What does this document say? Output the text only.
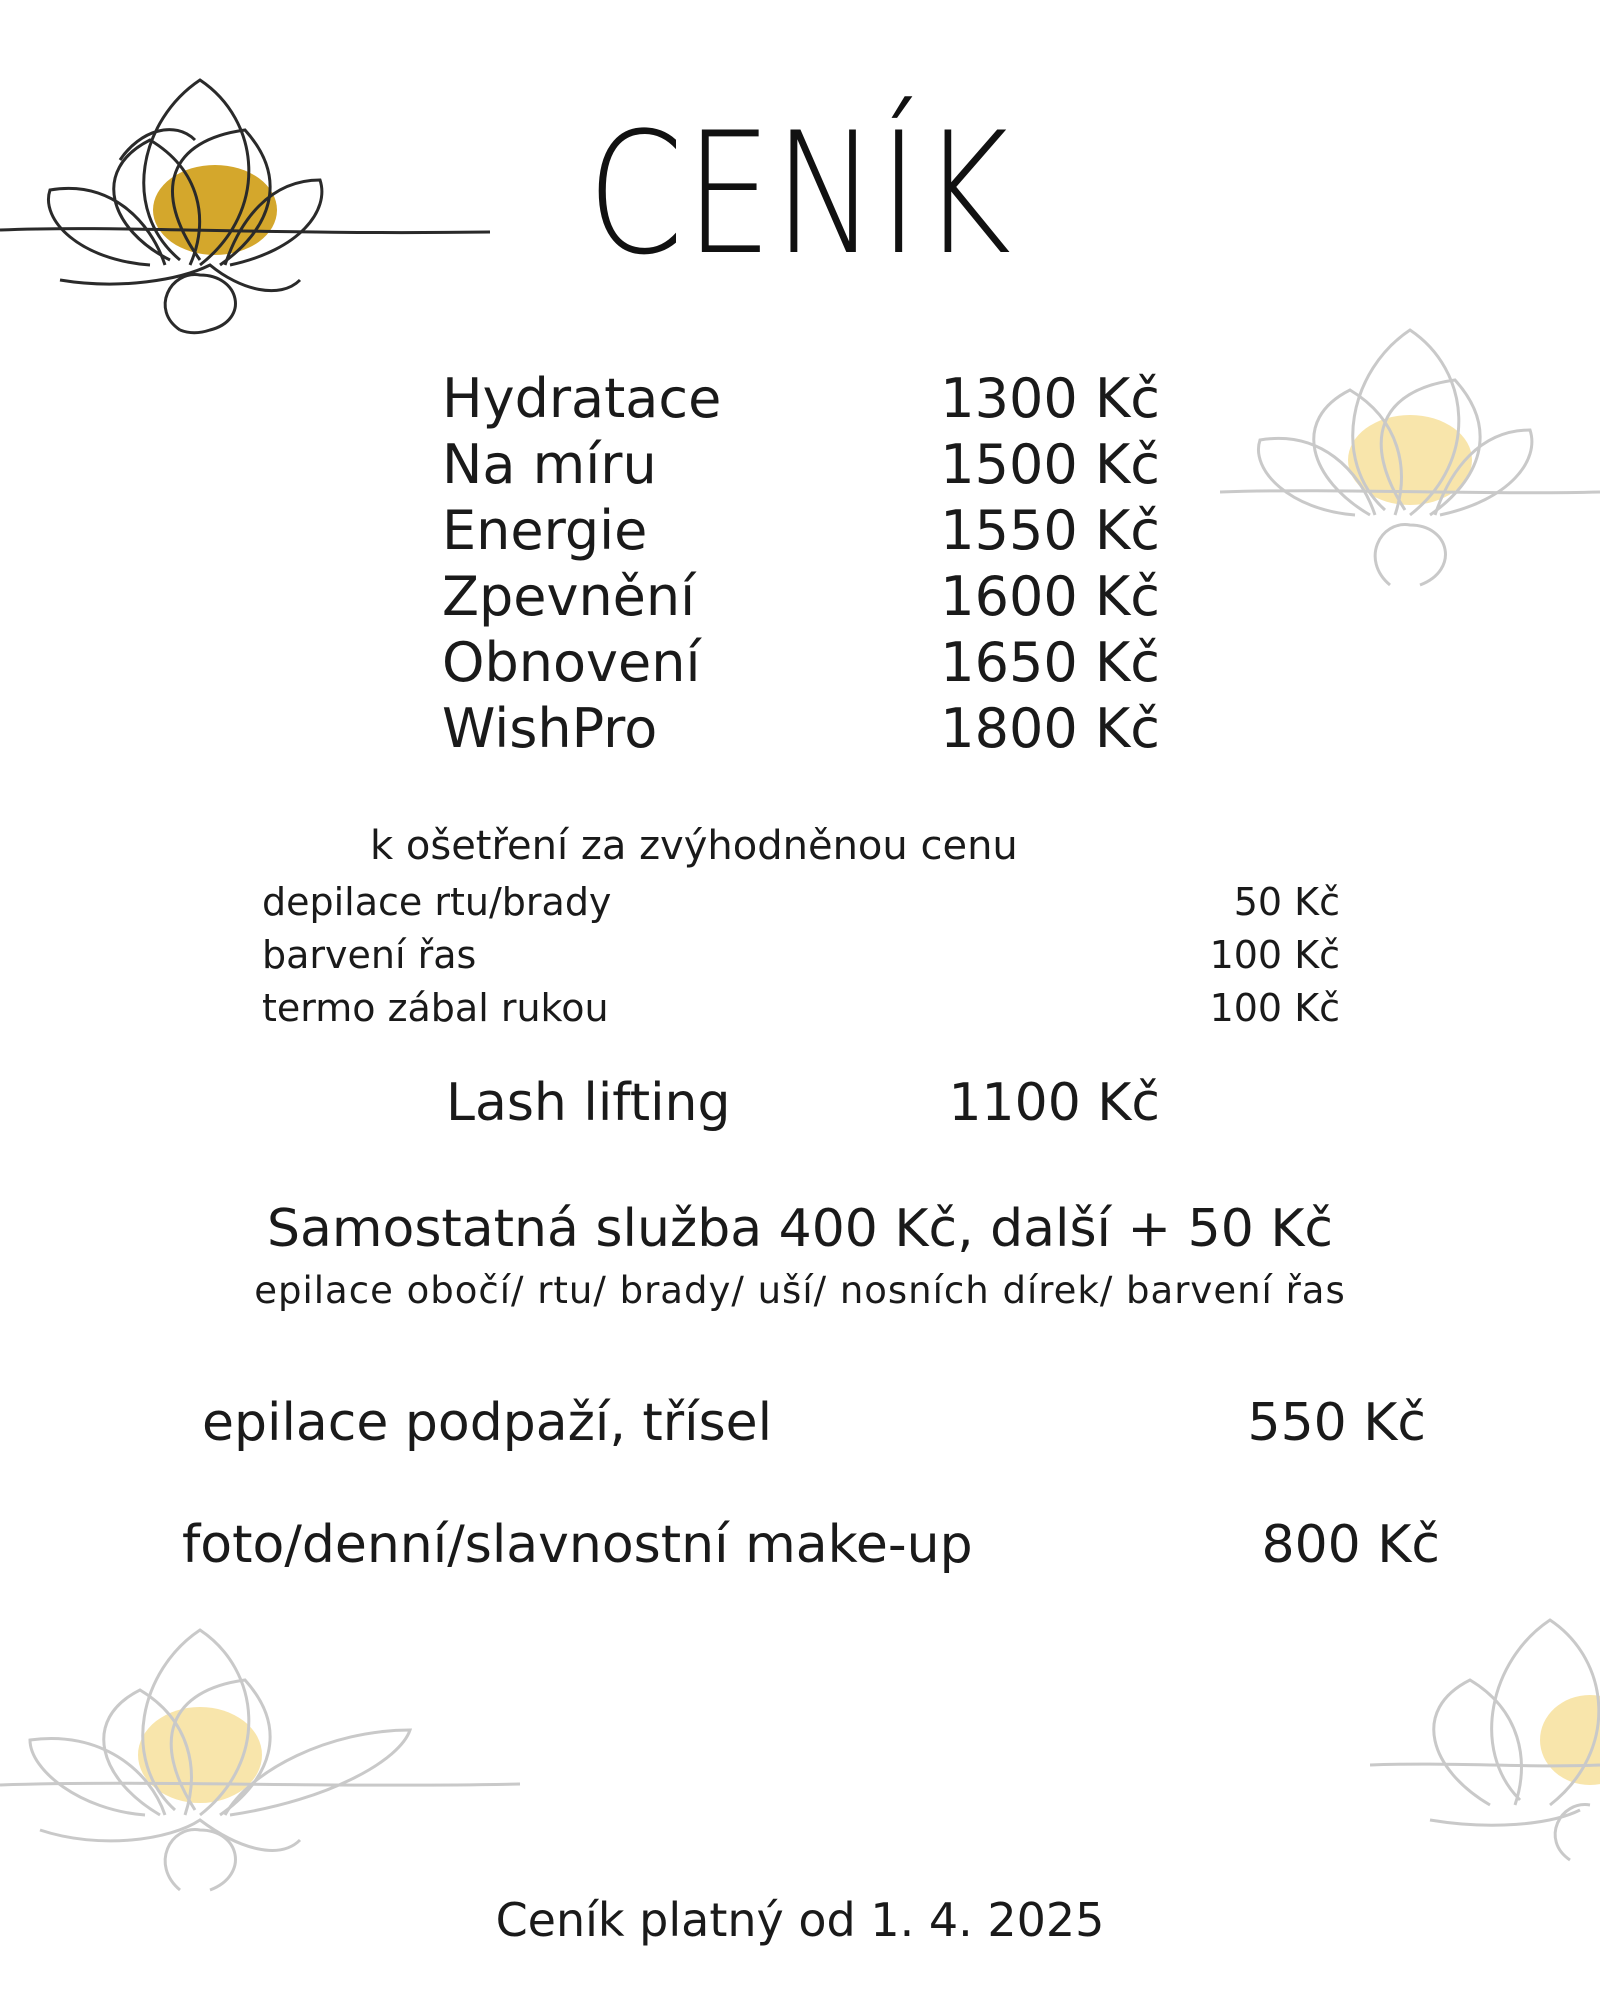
CENÍK
Hydratace	1300 Kč
Na míru	1500 Kč
Energie	1550 Kč
Zpevnění	1600 Kč
Obnovení	1650 Kč
WishPro	1800 Kč
k ošetření za zvýhodněnou cenu
depilace rtu/brady	50 Kč
barvení řas	100 Kč
termo zábal rukou	100 Kč
Lash lifting	1100 Kč
Samostatná služba 400 Kč, další + 50 Kč
epilace obočí/ rtu/ brady/ uší/ nosních dírek/ barvení řas
epilace podpaží, třísel	550 Kč
foto/denní/slavnostní make-up	800 Kč
Ceník platný od 1. 4. 2025
